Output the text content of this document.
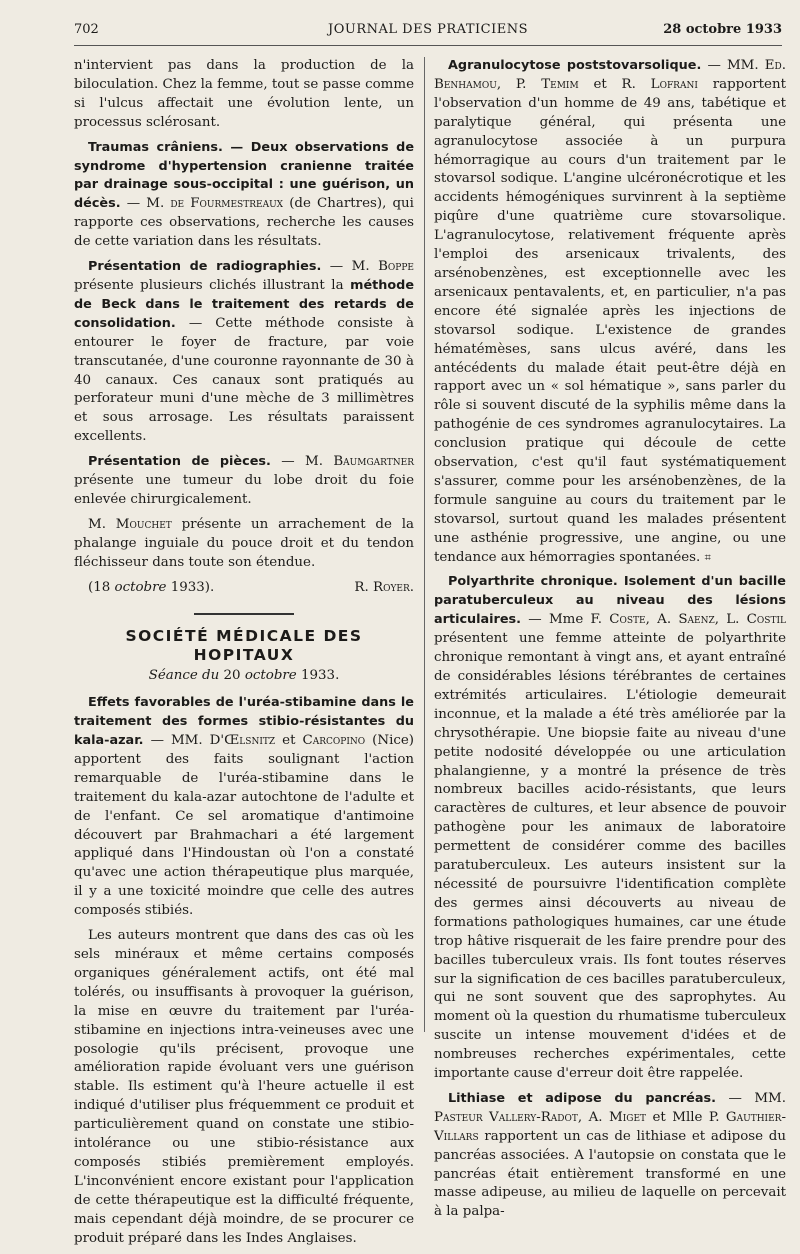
702	JOURNAL DES PRATICIENS	28 octobre 1933

n'intervient pas dans la production de la biloculation. Chez la femme, tout se passe comme si l'ulcus affectait une évolution lente, un processus sclérosant.

Traumas crâniens. — Deux observations de syndrome d'hypertension cranienne traitée par drainage sous-occipital : une guérison, un décès. — M. de Fourmestreaux (de Chartres), qui rapporte ces observations, recherche les causes de cette variation dans les résultats.

Présentation de radiographies. — M. Boppe présente plusieurs clichés illustrant la méthode de Beck dans le traitement des retards de consolidation. — Cette méthode consiste à entourer le foyer de fracture, par voie transcutanée, d'une couronne rayonnante de 30 à 40 canaux. Ces canaux sont pratiqués au perforateur muni d'une mèche de 3 millimètres et sous arrosage. Les résultats paraissent excellents.

Présentation de pièces. — M. Baumgartner présente une tumeur du lobe droit du foie enlevée chirurgicalement.

M. Mouchet présente un arrachement de la phalange inguiale du pouce droit et du tendon fléchisseur dans toute son étendue.

(18 octobre 1933).	R. Royer.
SOCIÉTÉ MÉDICALE DES HOPITAUX
Séance du 20 octobre 1933.

Effets favorables de l'uréa-stibamine dans le traitement des formes stibio-résistantes du kala-azar. — MM. D'Œlsnitz et Carcopino (Nice) apportent des faits soulignant l'action remarquable de l'uréa-stibamine dans le traitement du kala-azar autochtone de l'adulte et de l'enfant. Ce sel aromatique d'antimoine découvert par Brahmachari a été largement appliqué dans l'Hindoustan où l'on a constaté qu'avec une action thérapeutique plus marquée, il y a une toxicité moindre que celle des autres composés stibiés.

Les auteurs montrent que dans des cas où les sels minéraux et même certains composés organiques généralement actifs, ont été mal tolérés, ou insuffisants à provoquer la guérison, la mise en œuvre du traitement par l'uréa-stibamine en injections intra-veineuses avec une posologie qu'ils précisent, provoque une amélioration rapide évoluant vers une guérison stable. Ils estiment qu'à l'heure actuelle il est indiqué d'utiliser plus fréquemment ce produit et particulièrement quand on constate une stibio-intolérance ou une stibio-résistance aux composés stibiés premièrement employés. L'inconvénient encore existant pour l'application de cette thérapeutique est la difficulté fréquente, mais cependant déjà moindre, de se procurer ce produit préparé dans les Indes Anglaises.

Agranulocytose poststovarsolique. — MM. Ed. Benhamou, P. Temim et R. Lofrani rapportent l'observation d'un homme de 49 ans, tabétique et paralytique général, qui présenta une agranulocytose associée à un purpura hémorragique au cours d'un traitement par le stovarsol sodique. L'angine ulcéronécrotique et les accidents hémogéniques survinrent à la septième piqûre d'une quatrième cure stovarsolique. L'agranulocytose, relativement fréquente après l'emploi des arsenicaux trivalents, des arsénobenzènes, est exceptionnelle avec les arsenicaux pentavalents, et, en particulier, n'a pas encore été signalée après les injections de stovarsol sodique. L'existence de grandes hématémèses, sans ulcus avéré, dans les antécédents du malade était peut-être déjà en rapport avec un « sol hématique », sans parler du rôle si souvent discuté de la syphilis même dans la pathogénie de ces syndromes agranulocytaires. La conclusion pratique qui découle de cette observation, c'est qu'il faut systématiquement s'assurer, comme pour les arsénobenzènes, de la formule sanguine au cours du traitement par le stovarsol, surtout quand les malades présentent une asthénie progressive, une angine, ou une tendance aux hémorragies spontanées. ⌗

Polyarthrite chronique. Isolement d'un bacille paratuberculeux au niveau des lésions articulaires. — Mme F. Coste, A. Saenz, L. Costil présentent une femme atteinte de polyarthrite chronique remontant à vingt ans, et ayant entraîné de considérables lésions térébrantes de certaines extrémités articulaires. L'étiologie demeurait inconnue, et la malade a été très améliorée par la chrysothérapie. Une biopsie faite au niveau d'une petite nodosité développée ou une articulation phalangienne, y a montré la présence de très nombreux bacilles acido-résistants, que leurs caractères de cultures, et leur absence de pouvoir pathogène pour les animaux de laboratoire permettent de considérer comme des bacilles paratuberculeux. Les auteurs insistent sur la nécessité de poursuivre l'identification complète des germes ainsi découverts au niveau de formations pathologiques humaines, car une étude trop hâtive risquerait de les faire prendre pour des bacilles tuberculeux vrais. Ils font toutes réserves sur la signification de ces bacilles paratuberculeux, qui ne sont souvent que des saprophytes. Au moment où la question du rhumatisme tuberculeux suscite un intense mouvement d'idées et de nombreuses recherches expérimentales, cette importante cause d'erreur doit être rappelée.

Lithiase et adipose du pancréas. — MM. Pasteur Vallery-Radot, A. Miget et Mlle P. Gauthier-Villars rapportent un cas de lithiase et adipose du pancréas associées. A l'autopsie on constata que le pancréas était entièrement transformé en une masse adipeuse, au milieu de laquelle on percevait à la palpa-
